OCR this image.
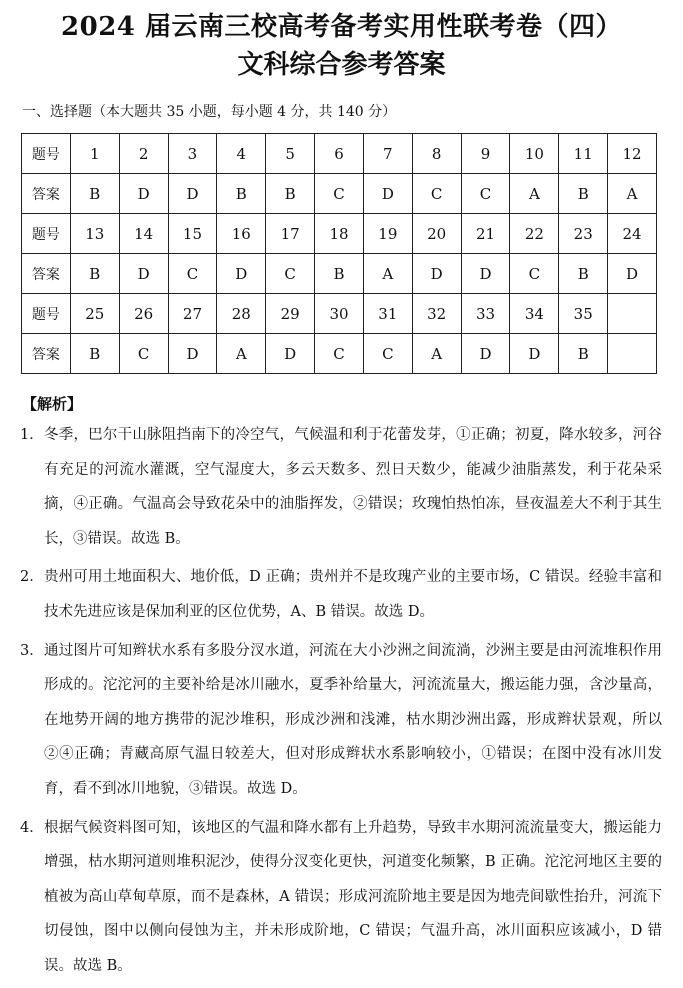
2024 届云南三校高考备考实用性联考卷（四）
文科综合参考答案
一、选择题（本大题共 35 小题，每小题 4 分，共 140 分）
题号	1	2	3	4	5	6	7	8	9	10	11	12
答案	B	D	D	B	B	C	D	C	C	A	B	A
题号	13	14	15	16	17	18	19	20	21	22	23	24
答案	B	D	C	D	C	B	A	D	D	C	B	D
题号	25	26	27	28	29	30	31	32	33	34	35	
答案	B	C	D	A	D	C	C	A	D	D	B	
【解析】
1． 冬季，巴尔干山脉阻挡南下的冷空气，气候温和利于花蕾发芽，①正确；初夏，降水较多，河谷有充足的河流水灌溉，空气湿度大，多云天数多、烈日天数少，能减少油脂蒸发，利于花朵采摘，④正确。气温高会导致花朵中的油脂挥发，②错误；玫瑰怕热怕冻，昼夜温差大不利于其生长，③错误。故选 B。
2． 贵州可用土地面积大、地价低，D 正确；贵州并不是玫瑰产业的主要市场，C 错误。经验丰富和技术先进应该是保加利亚的区位优势，A、B 错误。故选 D。
3． 通过图片可知辫状水系有多股分汊水道，河流在大小沙洲之间流淌，沙洲主要是由河流堆积作用形成的。沱沱河的主要补给是冰川融水，夏季补给量大，河流流量大，搬运能力强，含沙量高，在地势开阔的地方携带的泥沙堆积，形成沙洲和浅滩，枯水期沙洲出露，形成辫状景观，所以②④正确；青藏高原气温日较差大，但对形成辫状水系影响较小，①错误；在图中没有冰川发育，看不到冰川地貌，③错误。故选 D。
4． 根据气候资料图可知，该地区的气温和降水都有上升趋势，导致丰水期河流流量变大，搬运能力增强，枯水期河道则堆积泥沙，使得分汊变化更快，河道变化频繁，B 正确。沱沱河地区主要的植被为高山草甸草原，而不是森林，A 错误；形成河流阶地主要是因为地壳间歇性抬升，河流下切侵蚀，图中以侧向侵蚀为主，并未形成阶地，C 错误；气温升高，冰川面积应该减小，D 错误。故选 B。
